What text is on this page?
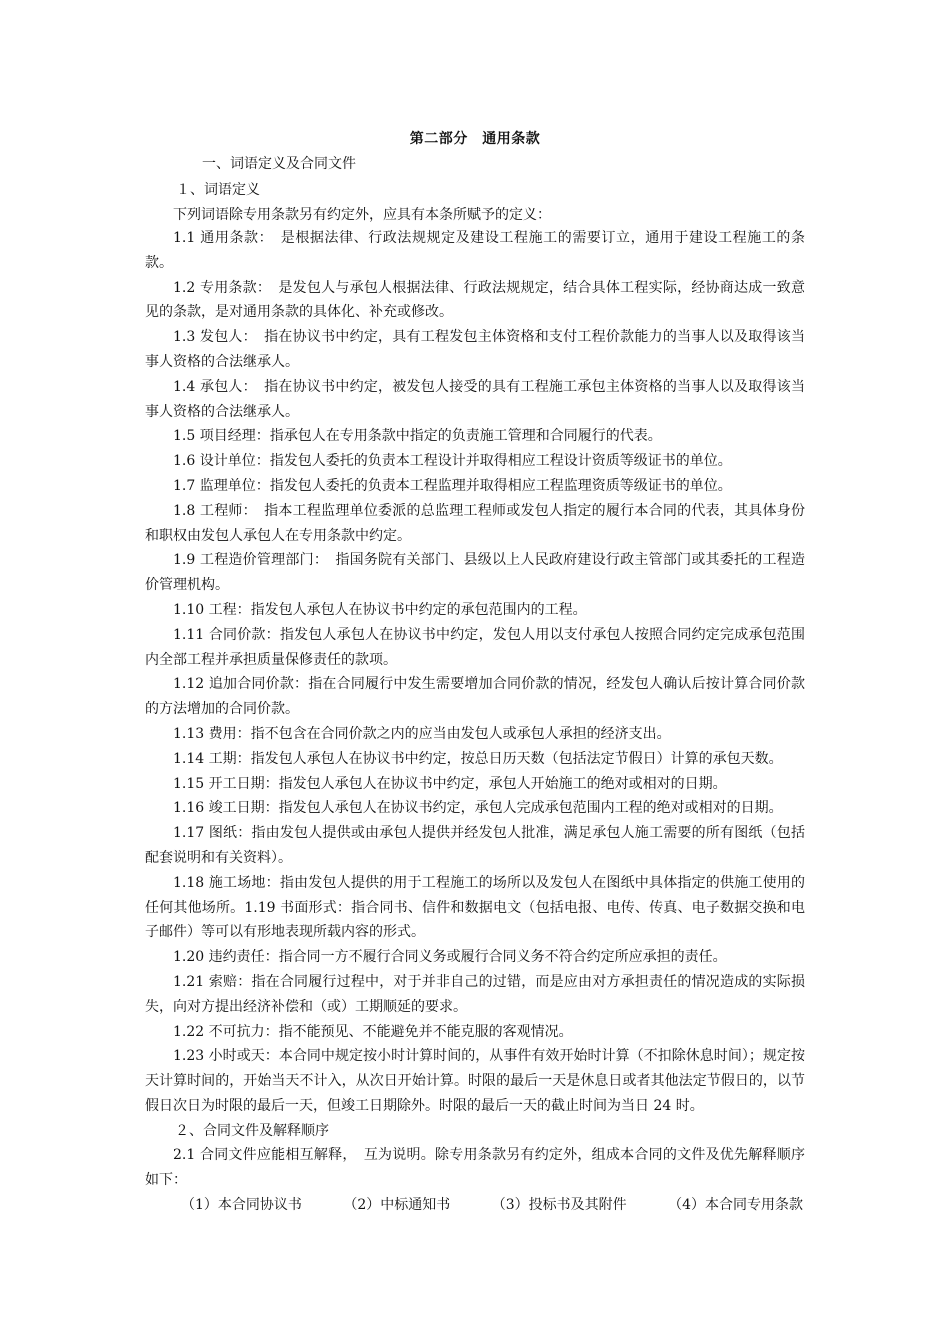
第二部分　通用条款
一、词语定义及合同文件
１、词语定义
下列词语除专用条款另有约定外，应具有本条所赋予的定义：

1.1 通用条款：　是根据法律、行政法规规定及建设工程施工的需要订立，通用于建设工程施工的条款。

1.2 专用条款：　是发包人与承包人根据法律、行政法规规定，结合具体工程实际，经协商达成一致意见的条款，是对通用条款的具体化、补充或修改。

1.3 发包人：　指在协议书中约定，具有工程发包主体资格和支付工程价款能力的当事人以及取得该当事人资格的合法继承人。

1.4 承包人：　指在协议书中约定，被发包人接受的具有工程施工承包主体资格的当事人以及取得该当事人资格的合法继承人。

1.5 项目经理：指承包人在专用条款中指定的负责施工管理和合同履行的代表。

1.6 设计单位：指发包人委托的负责本工程设计并取得相应工程设计资质等级证书的单位。

1.7 监理单位：指发包人委托的负责本工程监理并取得相应工程监理资质等级证书的单位。

1.8 工程师：　指本工程监理单位委派的总监理工程师或发包人指定的履行本合同的代表，其具体身份和职权由发包人承包人在专用条款中约定。

1.9 工程造价管理部门：　指国务院有关部门、县级以上人民政府建设行政主管部门或其委托的工程造价管理机构。

1.10 工程：指发包人承包人在协议书中约定的承包范围内的工程。

1.11 合同价款：指发包人承包人在协议书中约定，发包人用以支付承包人按照合同约定完成承包范围内全部工程并承担质量保修责任的款项。

1.12 追加合同价款：指在合同履行中发生需要增加合同价款的情况，经发包人确认后按计算合同价款的方法增加的合同价款。

1.13 费用：指不包含在合同价款之内的应当由发包人或承包人承担的经济支出。

1.14 工期：指发包人承包人在协议书中约定，按总日历天数（包括法定节假日）计算的承包天数。

1.15 开工日期：指发包人承包人在协议书中约定，承包人开始施工的绝对或相对的日期。

1.16 竣工日期：指发包人承包人在协议书约定，承包人完成承包范围内工程的绝对或相对的日期。

1.17 图纸：指由发包人提供或由承包人提供并经发包人批准，满足承包人施工需要的所有图纸（包括配套说明和有关资料）。

1.18 施工场地：指由发包人提供的用于工程施工的场所以及发包人在图纸中具体指定的供施工使用的任何其他场所。1.19 书面形式：指合同书、信件和数据电文（包括电报、电传、传真、电子数据交换和电子邮件）等可以有形地表现所载内容的形式。

1.20 违约责任：指合同一方不履行合同义务或履行合同义务不符合约定所应承担的责任。

1.21 索赔：指在合同履行过程中，对于并非自己的过错，而是应由对方承担责任的情况造成的实际损失，向对方提出经济补偿和（或）工期顺延的要求。

1.22 不可抗力：指不能预见、不能避免并不能克服的客观情况。

1.23 小时或天：本合同中规定按小时计算时间的，从事件有效开始时计算（不扣除休息时间）；规定按天计算时间的，开始当天不计入，从次日开始计算。时限的最后一天是休息日或者其他法定节假日的，以节假日次日为时限的最后一天，但竣工日期除外。时限的最后一天的截止时间为当日 24 时。

２、合同文件及解释顺序

2.1 合同文件应能相互解释，　互为说明。除专用条款另有约定外，组成本合同的文件及优先解释顺序如下：

（1）本合同协议书	（2）中标通知书	（3）投标书及其附件	（4）本合同专用条款
